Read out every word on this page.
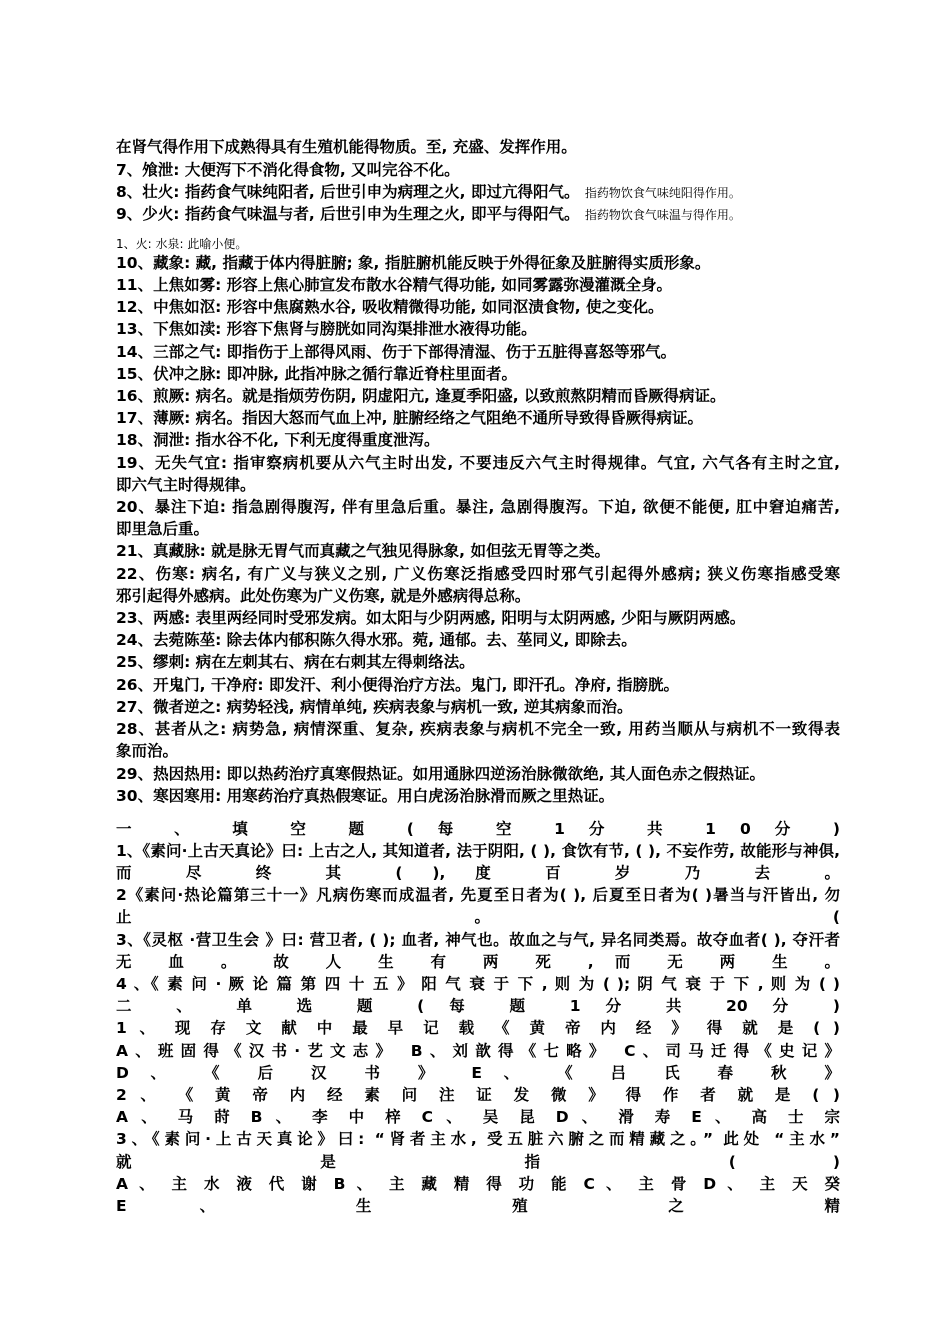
在肾气得作用下成熟得具有生殖机能得物质。至, 充盛、发挥作用。
7、飧泄: 大便泻下不消化得食物, 又叫完谷不化。
8、壮火: 指药食气味纯阳者, 后世引申为病理之火, 即过亢得阳气。 指药物饮食气味纯阳得作用。
9、少火: 指药食气味温与者, 后世引申为生理之火, 即平与得阳气。 指药物饮食气味温与得作用。
1、火: 水泉: 此喻小便。
10、藏象: 藏, 指藏于体内得脏腑; 象, 指脏腑机能反映于外得征象及脏腑得实质形象。
11、上焦如雾: 形容上焦心肺宣发布散水谷精气得功能, 如同雾露弥漫灌溉全身。
12、中焦如沤: 形容中焦腐熟水谷, 吸收精微得功能, 如同沤渍食物, 使之变化。
13、下焦如渎: 形容下焦肾与膀胱如同沟渠排泄水液得功能。
14、三部之气: 即指伤于上部得风雨、伤于下部得清湿、伤于五脏得喜怒等邪气。
15、伏冲之脉: 即冲脉, 此指冲脉之循行靠近脊柱里面者。
16、煎厥: 病名。就是指烦劳伤阴, 阴虚阳亢, 逢夏季阳盛, 以致煎熬阴精而昏厥得病证。
17、薄厥: 病名。指因大怒而气血上冲, 脏腑经络之气阻绝不通所导致得昏厥得病证。
18、洞泄: 指水谷不化, 下利无度得重度泄泻。
19、无失气宜: 指审察病机要从六气主时出发, 不要违反六气主时得规律。气宜, 六气各有主时之宜,
即六气主时得规律。
20、暴注下迫: 指急剧得腹泻, 伴有里急后重。暴注, 急剧得腹泻。下迫, 欲便不能便, 肛中窘迫痛苦,
即里急后重。
21、真藏脉: 就是脉无胃气而真藏之气独见得脉象, 如但弦无胃等之类。
22、伤寒: 病名, 有广义与狭义之别, 广义伤寒泛指感受四时邪气引起得外感病; 狭义伤寒指感受寒
邪引起得外感病。此处伤寒为广义伤寒, 就是外感病得总称。
23、两感: 表里两经同时受邪发病。如太阳与少阴两感, 阳明与太阴两感, 少阳与厥阴两感。
24、去菀陈莝: 除去体内郁积陈久得水邪。菀, 通郁。去、莝同义, 即除去。
25、缪刺: 病在左刺其右、病在右刺其左得刺络法。
26、开鬼门, 干净府: 即发汗、利小便得治疗方法。鬼门, 即汗孔。净府, 指膀胱。
27、微者逆之: 病势轻浅, 病情单纯, 疾病表象与病机一致, 逆其病象而治。
28、甚者从之: 病势急, 病情深重、复杂, 疾病表象与病机不完全一致, 用药当顺从与病机不一致得表
象而治。
29、热因热用: 即以热药治疗真寒假热证。如用通脉四逆汤治脉微欲绝, 其人面色赤之假热证。
30、寒因寒用: 用寒药治疗真热假寒证。用白虎汤治脉滑而厥之里热证。
一 、 填 空 题 ( 每 空 1 分 共 1 0 分 )
1、《素问·上古天真论》曰: 上古之人, 其知道者, 法于阴阳, ( ), 食饮有节, ( ), 不妄作劳, 故能形与神俱,
而 尽 终 其 ( ), 度 百 岁 乃 去 。
2《素问·热论篇第三十一》凡病伤寒而成温者, 先夏至日者为( ), 后夏至日者为( )暑当与汗皆出, 勿
止 。 (
3、《灵枢 ·营卫生会 》曰: 营卫者, ( ); 血者, 神气也。故血之与气, 异名同类焉。故夺血者( ), 夺汗者
无 血 。 故 人 生 有 两 死 , 而 无 两 生 。
4 、《 素 问 · 厥 论 篇 第 四 十 五 》 阳 气 衰 于 下 , 则 为 ( ); 阴 气 衰 于 下 , 则 为 ( )
二 、 单 选 题 ( 每 题 1 分 共 20 分 )
1 、 现 存 文 献 中 最 早 记 载 《 黄 帝 内 经 》 得 就 是 ( )
A、班固得《汉书·艺文志》 B、刘歆得《七略》 C、司马迁得《史记》
D 、 《 后 汉 书 》 E 、 《 吕 氏 春 秋 》
2 、 《 黄 帝 内 经 素 问 注 证 发 微 》 得 作 者 就 是 ( )
A 、 马 莳 B 、 李 中 梓 C 、 吴 昆 D 、 滑 寿 E 、 高 士 宗
3、《素问·上古天真论》曰: “肾者主水, 受五脏六腑之而精藏之。” 此处 “主水”
就 是 指 ( )
A 、 主 水 液 代 谢 B 、 主 藏 精 得 功 能 C 、 主 骨 D 、 主 天 癸
E 、 生 殖 之 精
